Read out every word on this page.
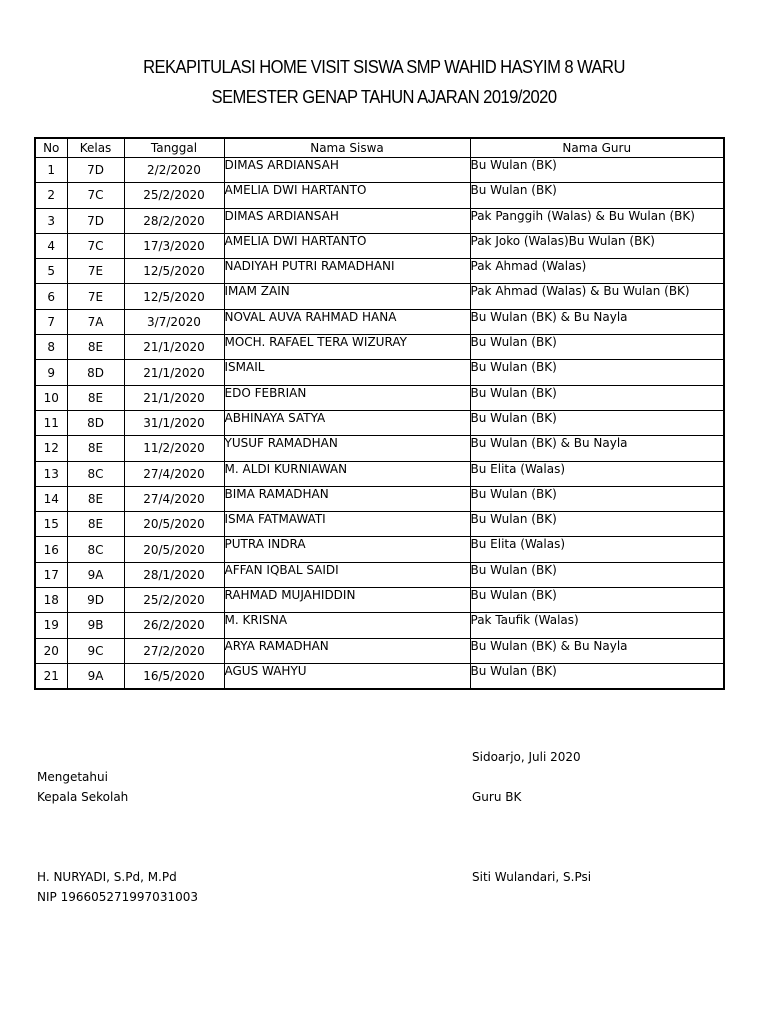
REKAPITULASI HOME VISIT SISWA SMP WAHID HASYIM 8 WARU
SEMESTER GENAP TAHUN AJARAN 2019/2020
No	Kelas	Tanggal	Nama Siswa	Nama Guru
1	7D	2/2/2020	DIMAS ARDIANSAH	Bu Wulan (BK)
2	7C	25/2/2020	AMELIA DWI HARTANTO	Bu Wulan (BK)
3	7D	28/2/2020	DIMAS ARDIANSAH	Pak Panggih (Walas) & Bu Wulan (BK)
4	7C	17/3/2020	AMELIA DWI HARTANTO	Pak Joko (Walas)Bu Wulan (BK)
5	7E	12/5/2020	NADIYAH PUTRI RAMADHANI	Pak Ahmad (Walas)
6	7E	12/5/2020	IMAM ZAIN	Pak Ahmad (Walas) & Bu Wulan (BK)
7	7A	3/7/2020	NOVAL AUVA RAHMAD HANA	Bu Wulan (BK) & Bu Nayla
8	8E	21/1/2020	MOCH. RAFAEL TERA WIZURAY	Bu Wulan (BK)
9	8D	21/1/2020	ISMAIL	Bu Wulan (BK)
10	8E	21/1/2020	EDO FEBRIAN	Bu Wulan (BK)
11	8D	31/1/2020	ABHINAYA SATYA	Bu Wulan (BK)
12	8E	11/2/2020	YUSUF RAMADHAN	Bu Wulan (BK) & Bu Nayla
13	8C	27/4/2020	M. ALDI KURNIAWAN	Bu Elita (Walas)
14	8E	27/4/2020	BIMA RAMADHAN	Bu Wulan (BK)
15	8E	20/5/2020	ISMA FATMAWATI	Bu Wulan (BK)
16	8C	20/5/2020	PUTRA INDRA	Bu Elita (Walas)
17	9A	28/1/2020	AFFAN IQBAL SAIDI	Bu Wulan (BK)
18	9D	25/2/2020	RAHMAD MUJAHIDDIN	Bu Wulan (BK)
19	9B	26/2/2020	M. KRISNA	Pak Taufik (Walas)
20	9C	27/2/2020	ARYA RAMADHAN	Bu Wulan (BK) & Bu Nayla
21	9A	16/5/2020	AGUS WAHYU	Bu Wulan (BK)
Sidoarjo, Juli 2020
Mengetahui
Kepala Sekolah	Guru BK
H. NURYADI, S.Pd, M.Pd	Siti Wulandari, S.Psi
NIP 196605271997031003
